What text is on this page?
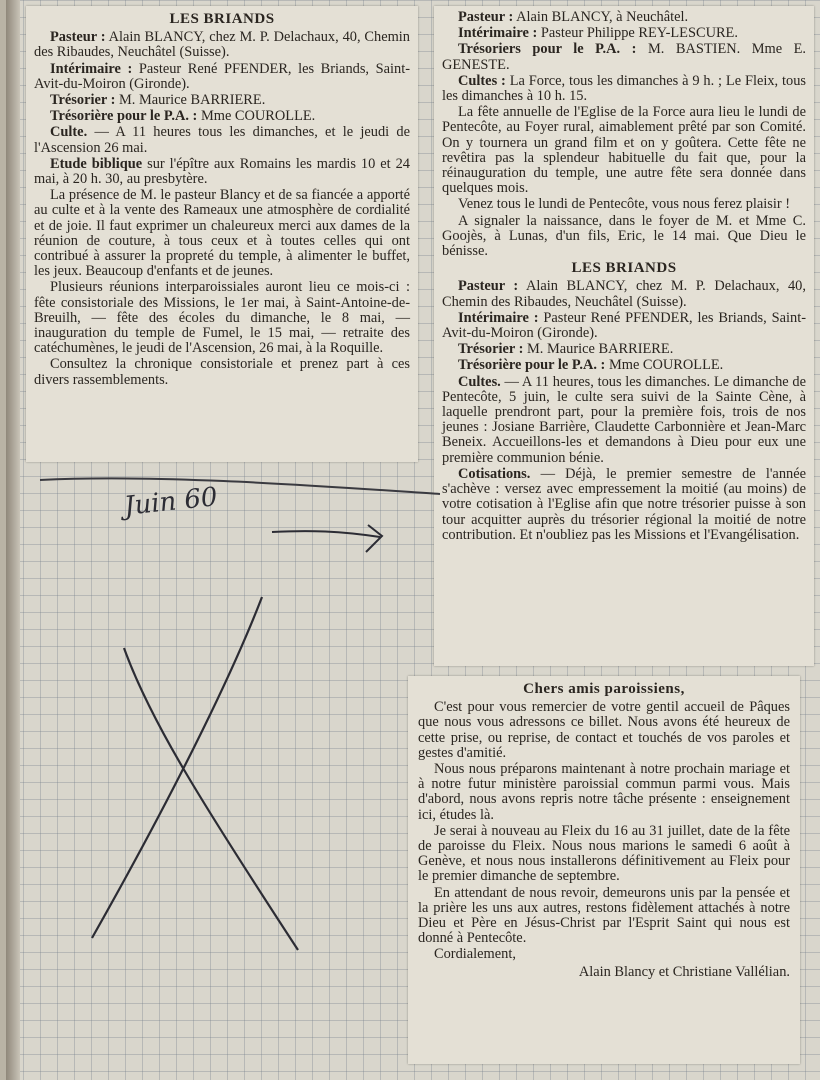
LES BRIANDS

Pasteur : Alain BLANCY, chez M. P. Delachaux, 40, Chemin des Ribaudes, Neuchâtel (Suisse).

Intérimaire : Pasteur René PFENDER, les Briands, Saint-Avit-du-Moiron (Gironde).

Trésorier : M. Maurice BARRIERE.

Trésorière pour le P.A. : Mme COUROLLE.

Culte. — A 11 heures tous les dimanches, et le jeudi de l'Ascension 26 mai.

Etude biblique sur l'épître aux Romains les mardis 10 et 24 mai, à 20 h. 30, au presbytère.

La présence de M. le pasteur Blancy et de sa fiancée a apporté au culte et à la vente des Rameaux une atmosphère de cordialité et de joie. Il faut exprimer un chaleureux merci aux dames de la réunion de couture, à tous ceux et à toutes celles qui ont contribué à assurer la propreté du temple, à alimenter le buffet, les jeux. Beaucoup d'enfants et de jeunes.

Plusieurs réunions interparoissiales auront lieu ce mois-ci : fête consistoriale des Missions, le 1er mai, à Saint-Antoine-de-Breuilh, — fête des écoles du dimanche, le 8 mai, — inauguration du temple de Fumel, le 15 mai, — retraite des catéchumènes, le jeudi de l'Ascension, 26 mai, à la Roquille.

Consultez la chronique consistoriale et prenez part à ces divers rassemblements.

Pasteur : Alain BLANCY, à Neuchâtel.

Intérimaire : Pasteur Philippe REY-LESCURE.

Trésoriers pour le P.A. : M. BASTIEN. Mme E. GENESTE.

Cultes : La Force, tous les dimanches à 9 h. ; Le Fleix, tous les dimanches à 10 h. 15.

La fête annuelle de l'Eglise de la Force aura lieu le lundi de Pentecôte, au Foyer rural, aimablement prêté par son Comité. On y tournera un grand film et on y goûtera. Cette fête ne revêtira pas la splendeur habituelle du fait que, pour la réinauguration du temple, une autre fête sera donnée dans quelques mois.

Venez tous le lundi de Pentecôte, vous nous ferez plaisir !

A signaler la naissance, dans le foyer de M. et Mme C. Goojès, à Lunas, d'un fils, Eric, le 14 mai. Que Dieu le bénisse.

LES BRIANDS

Pasteur : Alain BLANCY, chez M. P. Delachaux, 40, Chemin des Ribaudes, Neuchâtel (Suisse).

Intérimaire : Pasteur René PFENDER, les Briands, Saint-Avit-du-Moiron (Gironde).

Trésorier : M. Maurice BARRIERE.

Trésorière pour le P.A. : Mme COUROLLE.

Cultes. — A 11 heures, tous les dimanches. Le dimanche de Pentecôte, 5 juin, le culte sera suivi de la Sainte Cène, à laquelle prendront part, pour la première fois, trois de nos jeunes : Josiane Barrière, Claudette Carbonnière et Jean-Marc Beneix. Accueillons-les et demandons à Dieu pour eux une première communion bénie.

Cotisations. — Déjà, le premier semestre de l'année s'achève : versez avec empressement la moitié (au moins) de votre cotisation à l'Eglise afin que notre trésorier puisse à son tour acquitter auprès du trésorier régional la moitié de notre contribution. Et n'oubliez pas les Missions et l'Evangélisation.

Chers amis paroissiens,

C'est pour vous remercier de votre gentil accueil de Pâques que nous vous adressons ce billet. Nous avons été heureux de cette prise, ou reprise, de contact et touchés de vos paroles et gestes d'amitié.

Nous nous préparons maintenant à notre prochain mariage et à notre futur ministère paroissial commun parmi vous. Mais d'abord, nous avons repris notre tâche présente : enseignement ici, études là.

Je serai à nouveau au Fleix du 16 au 31 juillet, date de la fête de paroisse du Fleix. Nous nous marions le samedi 6 août à Genève, et nous nous installerons définitivement au Fleix pour le premier dimanche de septembre.

En attendant de nous revoir, demeurons unis par la pensée et la prière les uns aux autres, restons fidèlement attachés à notre Dieu et Père en Jésus-Christ par l'Esprit Saint qui nous est donné à Pentecôte.

Cordialement,

Alain Blancy et Christiane Vallélian.

Juin 60
